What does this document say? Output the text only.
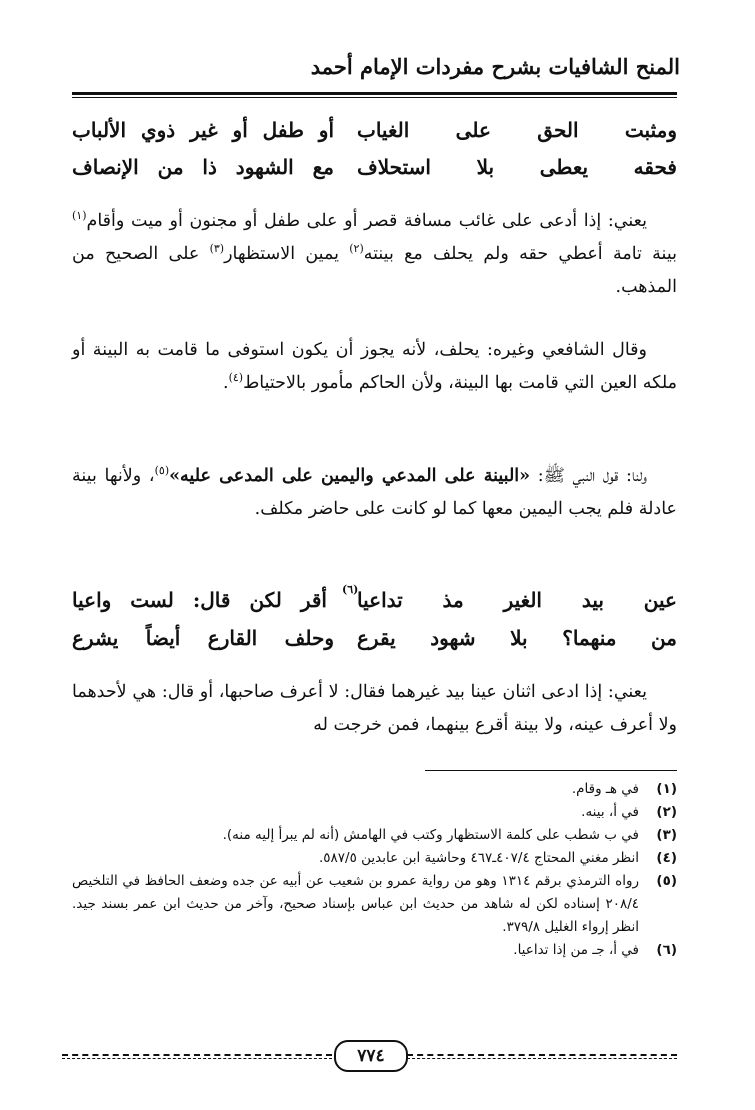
المنح الشافيات بشرح مفردات الإمام أحمد
ومثبت الحق على الغياب
أو طفل أو غير ذوي الألباب
فحقه يعطى بلا استحلاف
مع الشهود ذا من الإنصاف
يعني: إذا أدعى على غائب مسافة قصر أو على طفل أو مجنون أو ميت وأقام$^{(١)}$ بينة تامة أعطي حقه ولم يحلف مع بينته$^{(٢)}$ يمين الاستظهار$^{(٣)}$ على الصحيح من المذهب.
وقال الشافعي وغيره: يحلف، لأنه يجوز أن يكون استوفى ما قامت به البينة أو ملكه العين التي قامت بها البينة، ولأن الحاكم مأمور بالاحتياط$^{(٤)}$.
ولنا: قول النبي ﷺ: «البينة على المدعي واليمين على المدعى عليه»$^{(٥)}$، ولأنها بينة عادلة فلم يجب اليمين معها كما لو كانت على حاضر مكلف.
عين بيد الغير مذ تداعيا
أقر لكن قال: لست واعيا (٦)
من منهما؟ بلا شهود يقرع
وحلف القارع أيضاً يشرع
يعني: إذا ادعى اثنان عينا بيد غيرهما فقال: لا أعرف صاحبها، أو قال: هي لأحدهما ولا أعرف عينه، ولا بينة أقرع بينهما، فمن خرجت له
(١)
في هـ وقام.
(٢)
في أ، بينه.
(٣)
في ب شطب على كلمة الاستظهار وكتب في الهامش (أنه لم يبرأ إليه منه).
(٤)
انظر مغني المحتاج ٤٠٧/٤ـ٤٦٧ وحاشية ابن عابدين ٥٨٧/٥.
(٥)
رواه الترمذي برقم ١٣١٤ وهو من رواية عمرو بن شعيب عن أبيه عن جده وضعف الحافظ في التلخيص ٢٠٨/٤ إسناده لكن له شاهد من حديث ابن عباس بإسناد صحيح، وآخر من حديث ابن عمر بسند جيد. انظر إرواء الغليل ٣٧٩/٨.
(٦)
في أ، جـ من إذا تداعيا.
٧٧٤
